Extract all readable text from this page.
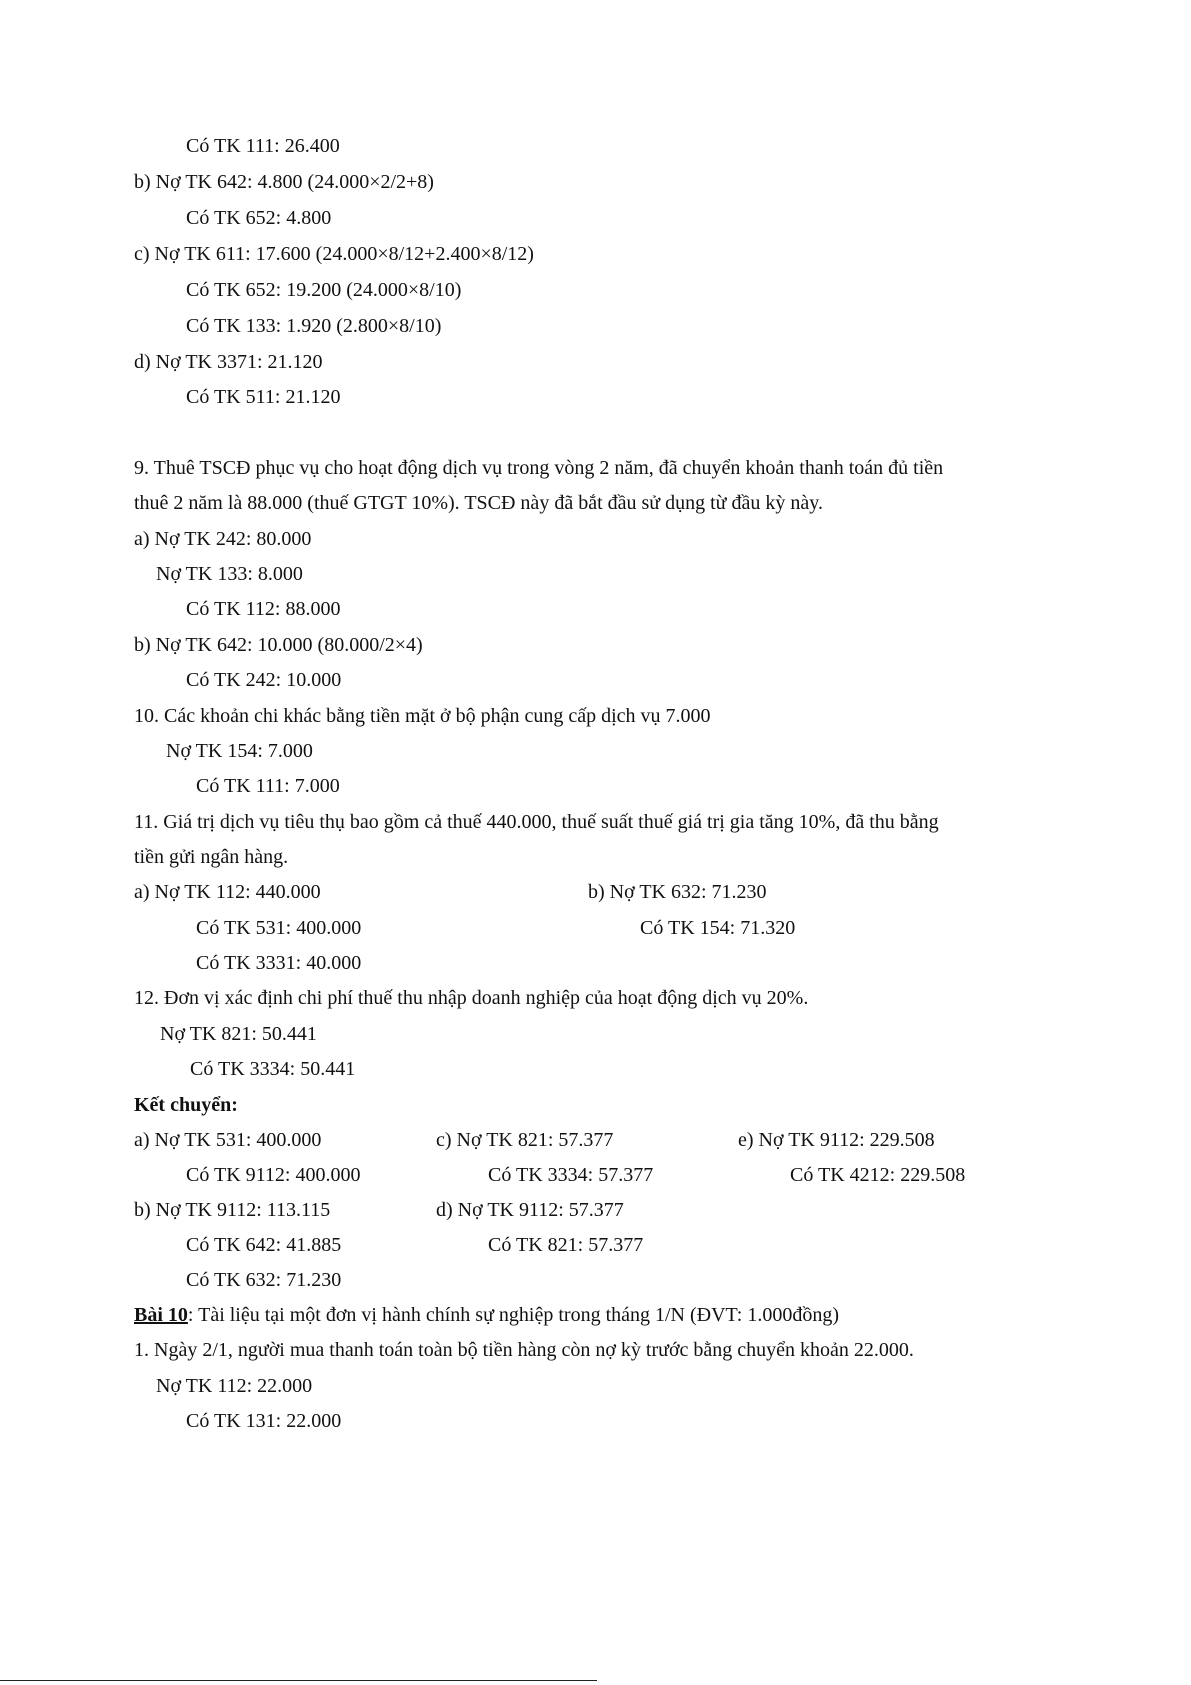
Có TK 111: 26.400
b) Nợ TK 642: 4.800 (24.000×2/2+8)
Có TK 652: 4.800
c) Nợ TK 611: 17.600 (24.000×8/12+2.400×8/12)
Có TK 652: 19.200 (24.000×8/10)
Có TK 133: 1.920 (2.800×8/10)
d) Nợ TK 3371: 21.120
Có TK 511: 21.120
9. Thuê TSCĐ phục vụ cho hoạt động dịch vụ trong vòng 2 năm, đã chuyển khoản thanh toán đủ tiền
thuê 2 năm là 88.000 (thuế GTGT 10%). TSCĐ này đã bắt đầu sử dụng từ đầu kỳ này.
a) Nợ TK 242: 80.000
Nợ TK 133: 8.000
Có TK 112: 88.000
b) Nợ TK 642: 10.000 (80.000/2×4)
Có TK 242: 10.000
10. Các khoản chi khác bằng tiền mặt ở bộ phận cung cấp dịch vụ 7.000
Nợ TK 154: 7.000
Có TK 111: 7.000
11. Giá trị dịch vụ tiêu thụ bao gồm cả thuế 440.000, thuế suất thuế giá trị gia tăng 10%, đã thu bằng
tiền gửi ngân hàng.
a) Nợ TK 112: 440.000	b) Nợ TK 632: 71.230
Có TK 531: 400.000	Có TK 154: 71.320
Có TK 3331: 40.000
12. Đơn vị xác định chi phí thuế thu nhập doanh nghiệp của hoạt động dịch vụ 20%.
Nợ TK 821: 50.441
Có TK 3334: 50.441
Kết chuyển:
a) Nợ TK 531: 400.000	c) Nợ TK 821: 57.377	e) Nợ TK 9112: 229.508
Có TK 9112: 400.000	Có TK 3334: 57.377	Có TK 4212: 229.508
b) Nợ TK 9112: 113.115	d) Nợ TK 9112: 57.377
Có TK 642: 41.885	Có TK 821: 57.377
Có TK 632: 71.230
Bài 10: Tài liệu tại một đơn vị hành chính sự nghiệp trong tháng 1/N (ĐVT: 1.000đồng)
1. Ngày 2/1, người mua thanh toán toàn bộ tiền hàng còn nợ kỳ trước bằng chuyển khoản 22.000.
Nợ TK 112: 22.000
Có TK 131: 22.000
